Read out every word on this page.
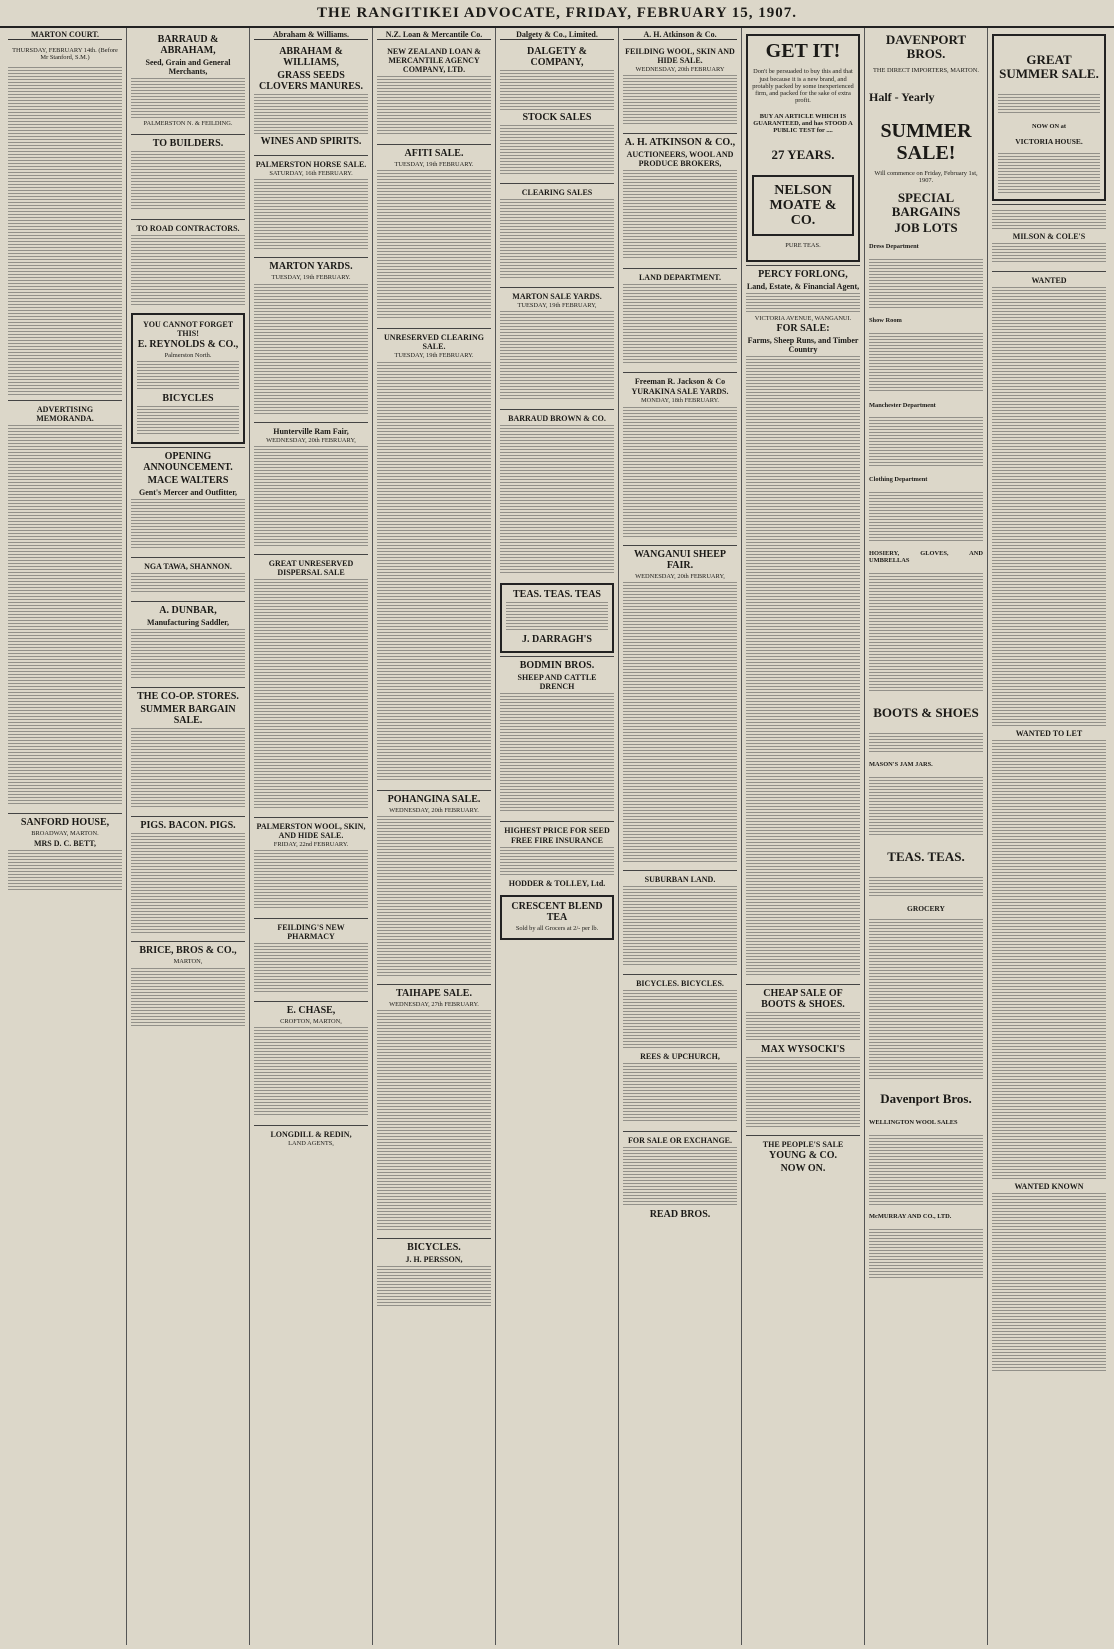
THE RANGITIKEI ADVOCATE, FRIDAY, FEBRUARY 15, 1907.
MARTON COURT.

THURSDAY, FEBRUARY 14th. (Before Mr Stanford, S.M.)

ADVERTISING MEMORANDA.
SANFORD HOUSE,

BROADWAY, MARTON.

MRS D. C. BETT,
BARRAUD & ABRAHAM,
Seed, Grain and General Merchants,

PALMERSTON N. & FEILDING.

TO BUILDERS.
TO ROAD CONTRACTORS.
YOU CANNOT FORGET THIS!
E. REYNOLDS & CO.,

Palmerston North.

BICYCLES
OPENING ANNOUNCEMENT.
MACE WALTERS
Gent's Mercer and Outfitter,
NGA TAWA, SHANNON.
A. DUNBAR,
Manufacturing Saddler,
THE CO-OP. STORES.
SUMMER BARGAIN SALE.
PIGS. BACON. PIGS.
BRICE, BROS & CO.,

MARTON,

Abraham & Williams.
ABRAHAM & WILLIAMS,
GRASS SEEDS CLOVERS MANURES.
WINES AND SPIRITS.
PALMERSTON HORSE SALE.

SATURDAY, 16th FEBRUARY.

MARTON YARDS.

TUESDAY, 19th FEBRUARY.

Hunterville Ram Fair,

WEDNESDAY, 20th FEBRUARY,

GREAT UNRESERVED DISPERSAL SALE
PALMERSTON WOOL, SKIN, AND HIDE SALE.

FRIDAY, 22nd FEBRUARY.

FEILDING'S NEW PHARMACY
E. CHASE,

CROFTON, MARTON,

LONGDILL & REDIN,

LAND AGENTS,

N.Z. Loan & Mercantile Co.
NEW ZEALAND LOAN & MERCANTILE AGENCY COMPANY, LTD.
AFITI SALE.

TUESDAY, 19th FEBRUARY.

UNRESERVED CLEARING SALE.

TUESDAY, 19th FEBRUARY.

POHANGINA SALE.

WEDNESDAY, 20th FEBRUARY.

TAIHAPE SALE.

WEDNESDAY, 27th FEBRUARY.

BICYCLES.
J. H. PERSSON,
Dalgety & Co., Limited.
DALGETY & COMPANY,
STOCK SALES
CLEARING SALES
MARTON SALE YARDS.

TUESDAY, 19th FEBRUARY,

BARRAUD BROWN & CO.
TEAS. TEAS. TEAS
J. DARRAGH'S
BODMIN BROS.
SHEEP AND CATTLE DRENCH
HIGHEST PRICE FOR SEED
FREE FIRE INSURANCE
HODDER & TOLLEY, Ltd.
CRESCENT BLEND TEA

Sold by all Grocers at 2/- per lb.

A. H. Atkinson & Co.
FEILDING WOOL, SKIN AND HIDE SALE.

WEDNESDAY, 20th FEBRUARY

A. H. ATKINSON & CO.,
AUCTIONEERS, WOOL AND PRODUCE BROKERS,
LAND DEPARTMENT.
Freeman R. Jackson & Co
YURAKINA SALE YARDS.

MONDAY, 18th FEBRUARY.

WANGANUI SHEEP FAIR.

WEDNESDAY, 20th FEBRUARY,

SUBURBAN LAND.
BICYCLES. BICYCLES.
REES & UPCHURCH,
FOR SALE OR EXCHANGE.
READ BROS.
GET IT!

Don't be persuaded to buy this and that just because it is a new brand, and protably packed by some inexperienced firm, and packed for the sake of extra profit.

BUY AN ARTICLE WHICH IS GUARANTEED, and has STOOD A PUBLIC TEST for ....
27 YEARS.
NELSON MOATE & CO.

PURE TEAS.

PERCY FORLONG,
Land, Estate, & Financial Agent,

VICTORIA AVENUE, WANGANUI.

FOR SALE:
Farms, Sheep Runs, and Timber Country
CHEAP SALE OF BOOTS & SHOES.
MAX WYSOCKI'S
THE PEOPLE'S SALE
YOUNG & CO.
NOW ON.
DAVENPORT BROS.

THE DIRECT IMPORTERS, MARTON.

Half - Yearly
SUMMER SALE!

Will commence on Friday, February 1st, 1907.

SPECIAL BARGAINS
JOB LOTS
Dress Department
Show Room
Manchester Department
Clothing Department
HOSIERY, GLOVES, AND UMBRELLAS
BOOTS & SHOES
MASON'S JAM JARS.
TEAS. TEAS.
GROCERY
Davenport Bros.
WELLINGTON WOOL SALES
McMURRAY AND CO., LTD.
GREAT SUMMER SALE.
NOW ON at
VICTORIA HOUSE.
MILSON & COLE'S
WANTED
WANTED TO LET
WANTED KNOWN
